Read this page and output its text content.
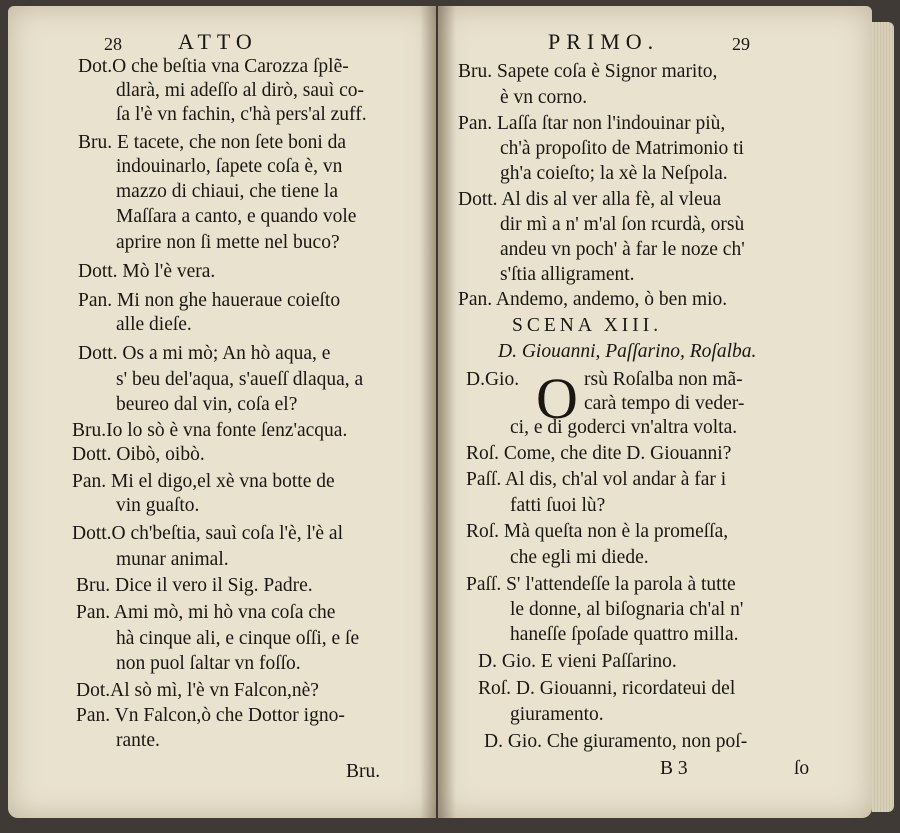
28	ATTO
Dot.O che beſtia vna Carozza ſplẽ-
dlarà, mi adeſſo al dirò, sauì co-
ſa l'è vn fachin, c'hà pers'al zuff.
Bru. E tacete, che non ſete boni da
indouinarlo, ſapete coſa è, vn
mazzo di chiaui, che tiene la
Maſſara a canto, e quando vole
aprire non ſi mette nel buco?
Dott. Mò l'è vera.
Pan. Mi non ghe haueraue coieſto
alle dieſe.
Dott. Os a mi mò; An hò aqua, e
s' beu del'aqua, s'aueſſ dlaqua, a
beureo dal vin, coſa el?
Bru.Io lo sò è vna fonte ſenz'acqua.
Dott. Oibò, oibò.
Pan. Mi el digo,el xè vna botte de
vin guaſto.
Dott.O ch'beſtia, sauì coſa l'è, l'è al
munar animal.
Bru. Dice il vero il Sig. Padre.
Pan. Ami mò, mi hò vna coſa che
hà cinque ali, e cinque oſſi, e ſe
non puol ſaltar vn foſſo.
Dot.Al sò mì, l'è vn Falcon,nè?
Pan. Vn Falcon,ò che Dottor igno-
rante.
Bru.
PRIMO.	29
Bru. Sapete coſa è Signor marito,
è vn corno.
Pan. Laſſa ſtar non l'indouinar più,
ch'à propoſito de Matrimonio ti
gh'a coieſto; la xè la Neſpola.
Dott. Al dis al ver alla fè, al vleua
dir mì a n' m'al ſon rcurdà, orsù
andeu vn poch' à far le noze ch'
s'ſtia alligrament.
Pan. Andemo, andemo, ò ben mio.
SCENA XIII.
D. Giouanni, Paſſarino, Roſalba.
D.Gio. O rsù Roſalba non mã-
carà tempo di veder-
ci, e di goderci vn'altra volta.
Roſ. Come, che dite D. Giouanni?
Paſſ. Al dis, ch'al vol andar à far i
fatti ſuoi lù?
Roſ. Mà queſta non è la promeſſa,
che egli mi diede.
Paſſ. S' l'attendeſſe la parola à tutte
le donne, al biſognaria ch'al n'
haneſſe ſpoſade quattro milla.
D. Gio. E vieni Paſſarino.
Roſ. D. Giouanni, ricordateui del
giuramento.
D. Gio. Che giuramento, non poſ-
B 3	ſo
